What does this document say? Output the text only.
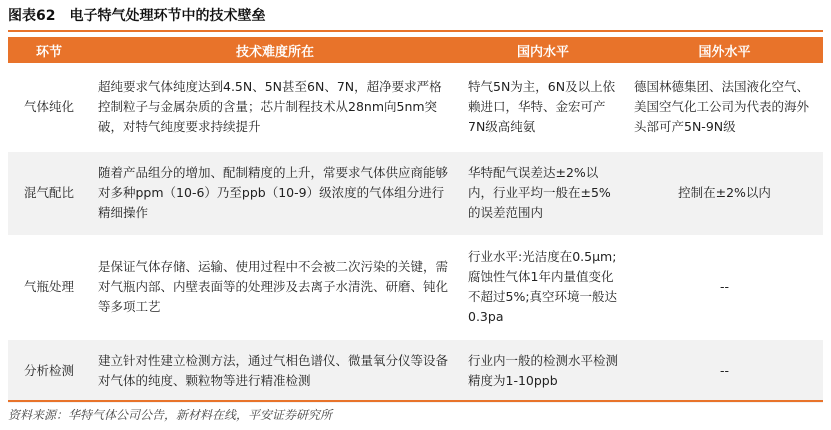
图表62 电子特气处理环节中的技术壁垒
环节	技术难度所在	国内水平	国外水平
气体纯化	超纯要求气体纯度达到4.5N、5N甚至6N、7N，超净要求严格控制粒子与金属杂质的含量；芯片制程技术从28nm向5nm突破，对特气纯度要求持续提升	特气5N为主，6N及以上依赖进口，华特、金宏可产7N级高纯氨	德国林德集团、法国液化空气、美国空气化工公司为代表的海外头部可产5N-9N级
混气配比	随着产品组分的增加、配制精度的上升，常要求气体供应商能够对多种ppm（10-6）乃至ppb（10-9）级浓度的气体组分进行精细操作	华特配气误差达±2%以内，行业平均一般在±5%的误差范围内	控制在±2%以内
气瓶处理	是保证气体存储、运输、使用过程中不会被二次污染的关键，需对气瓶内部、内壁表面等的处理涉及去离子水清洗、研磨、钝化等多项工艺	行业水平:光洁度在0.5μm;腐蚀性气体1年内量值变化不超过5%;真空环境一般达0.3pa	--
分析检测	建立针对性建立检测方法，通过气相色谱仪、微量氧分仪等设备对气体的纯度、颗粒物等进行精准检测	行业内一般的检测水平检测精度为1-10ppb	--
资料来源：华特气体公司公告，新材料在线，平安证券研究所
